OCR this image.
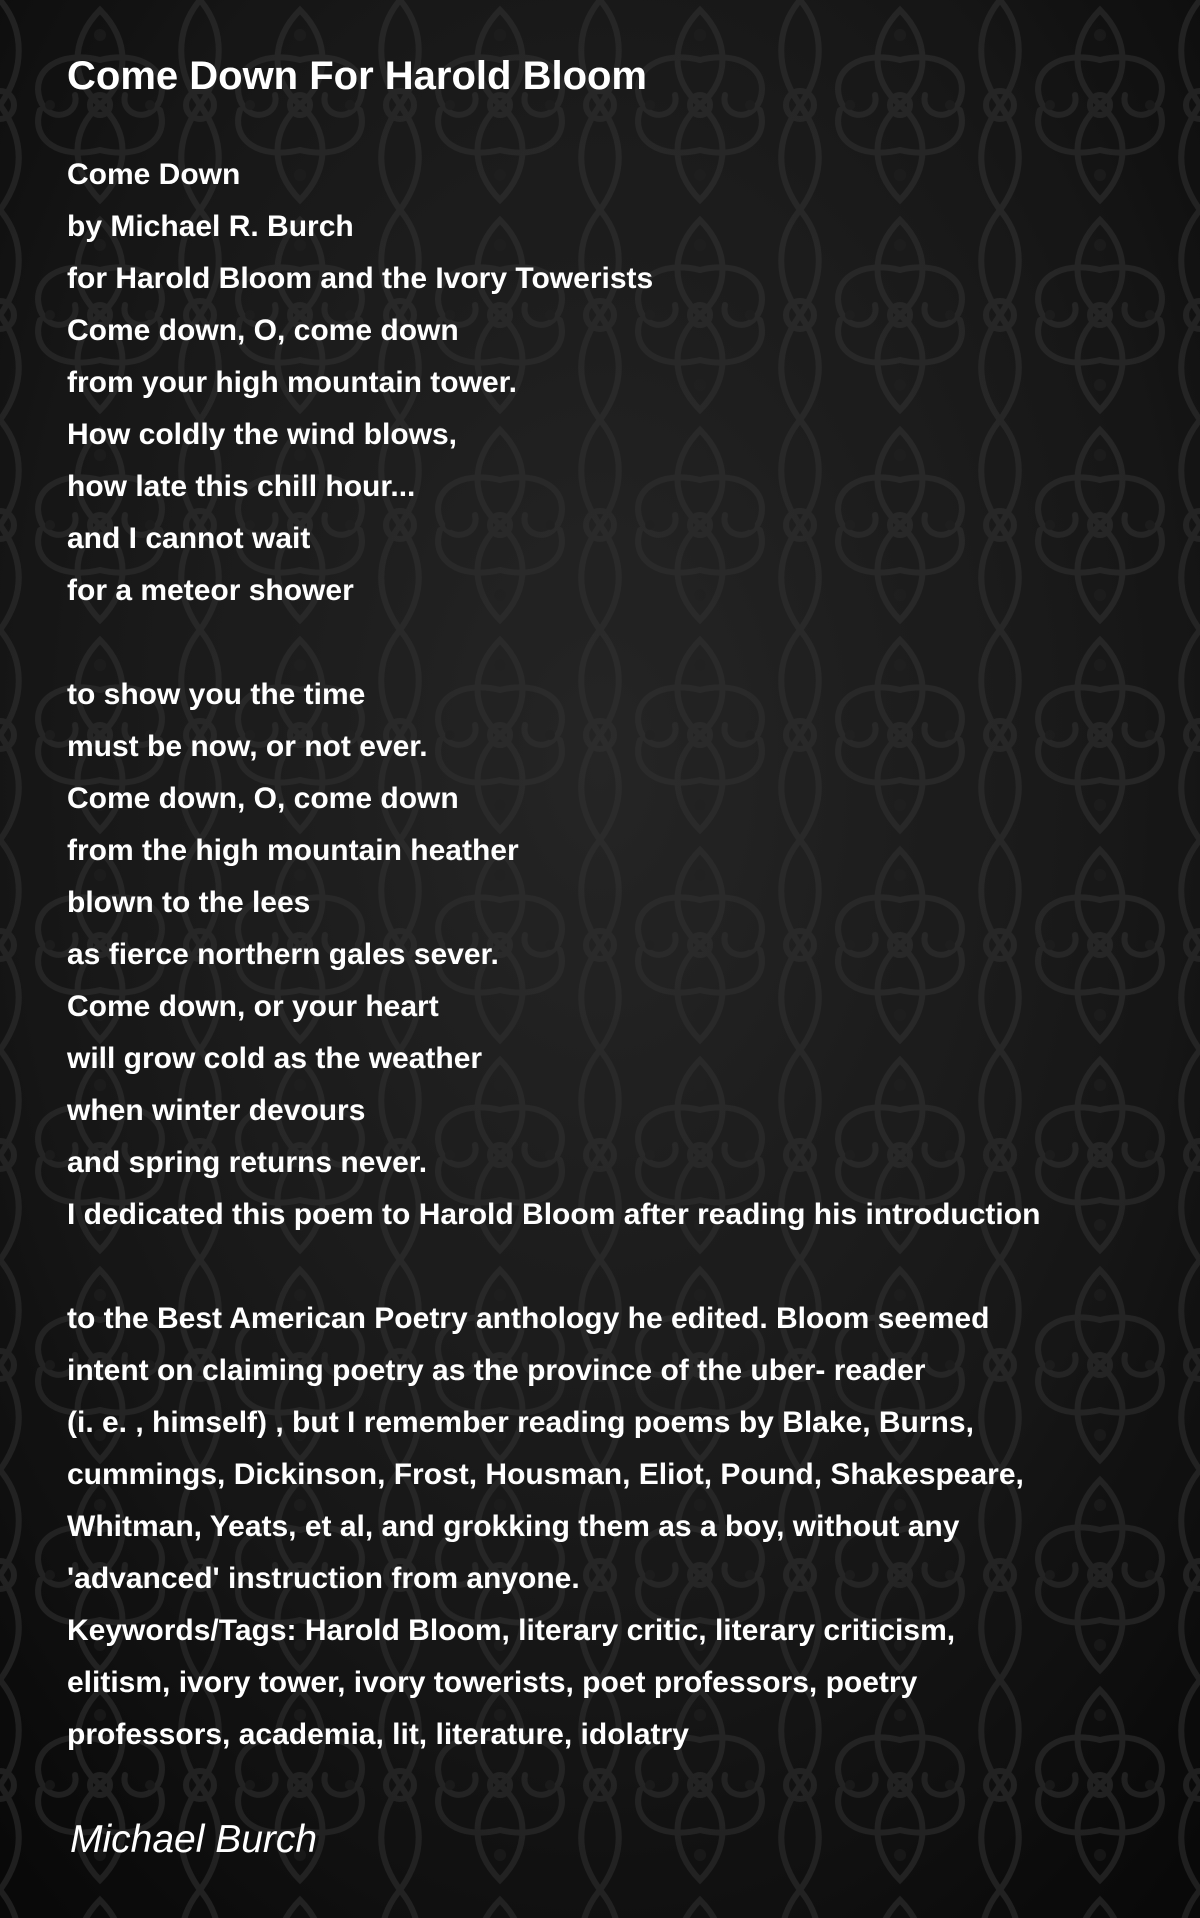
Come Down For Harold Bloom
Come Down
by Michael R. Burch
for Harold Bloom and the Ivory Towerists
Come down, O, come down
from your high mountain tower.
How coldly the wind blows,
how late this chill hour...
and I cannot wait
for a meteor shower
to show you the time
must be now, or not ever.
Come down, O, come down
from the high mountain heather
blown to the lees
as fierce northern gales sever.
Come down, or your heart
will grow cold as the weather
when winter devours
and spring returns never.
I dedicated this poem to Harold Bloom after reading his introduction
to the Best American Poetry anthology he edited. Bloom seemed
intent on claiming poetry as the province of the uber- reader
(i. e. , himself) , but I remember reading poems by Blake, Burns,
cummings, Dickinson, Frost, Housman, Eliot, Pound, Shakespeare,
Whitman, Yeats, et al, and grokking them as a boy, without any
'advanced' instruction from anyone.
Keywords/Tags: Harold Bloom, literary critic, literary criticism,
elitism, ivory tower, ivory towerists, poet professors, poetry
professors, academia, lit, literature, idolatry
Michael Burch
